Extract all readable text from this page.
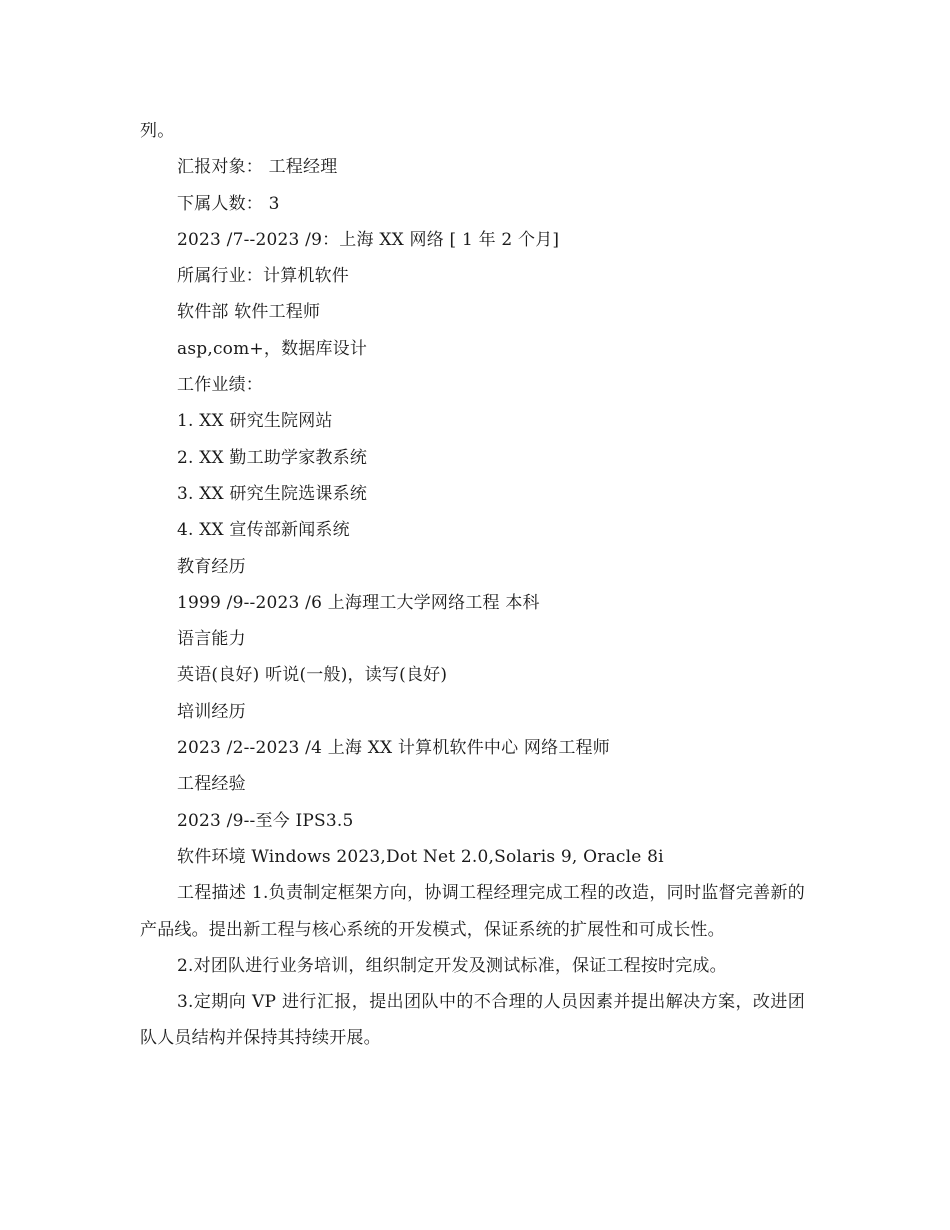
列。
汇报对象： 工程经理
下属人数： 3
2023 /7--2023 /9：上海 XX 网络 [ 1 年 2 个月]
所属行业：计算机软件
软件部 软件工程师
asp,com+，数据库设计
工作业绩：
1. XX 研究生院网站
2. XX 勤工助学家教系统
3. XX 研究生院选课系统
4. XX 宣传部新闻系统
教育经历
1999 /9--2023 /6 上海理工大学网络工程 本科
语言能力
英语(良好) 听说(一般)，读写(良好)
培训经历
2023 /2--2023 /4 上海 XX 计算机软件中心 网络工程师
工程经验
2023 /9--至今 IPS3.5
软件环境 Windows 2023,Dot Net 2.0,Solaris 9, Oracle 8i
工程描述 1.负责制定框架方向，协调工程经理完成工程的改造，同时监督完善新的产品线。提出新工程与核心系统的开发模式，保证系统的扩展性和可成长性。
2.对团队进行业务培训，组织制定开发及测试标准，保证工程按时完成。
3.定期向 VP 进行汇报，提出团队中的不合理的人员因素并提出解决方案，改进团队人员结构并保持其持续开展。
